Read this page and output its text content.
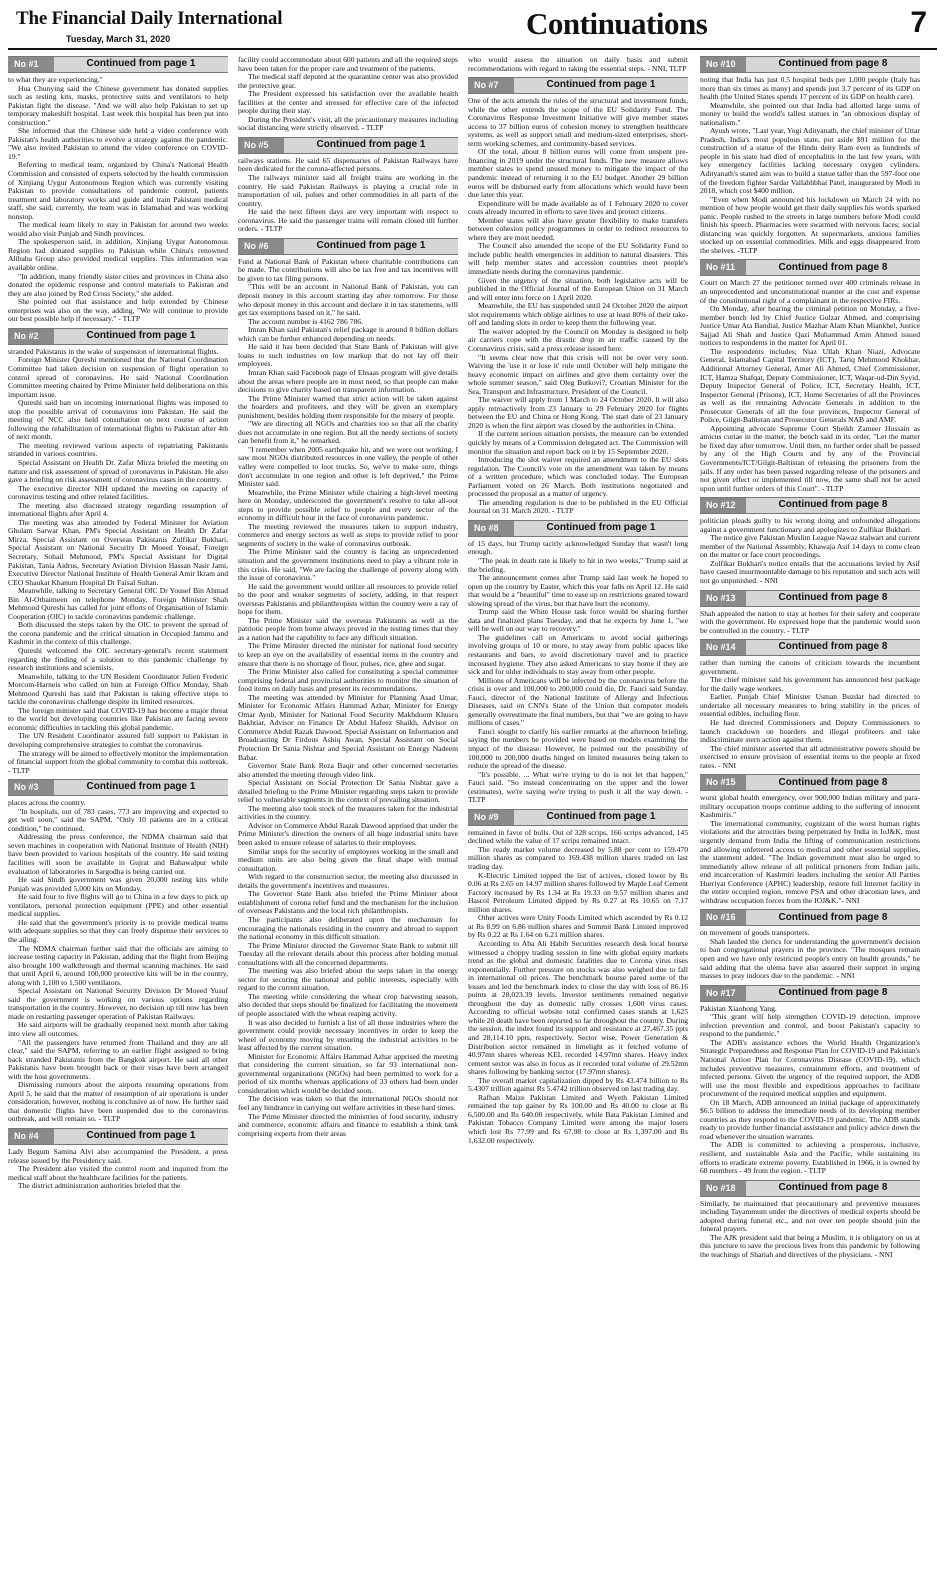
The Financial Daily International
Tuesday, March 31, 2020	Continuations	7
No #1	Continued from page 1

to what they are experiencing."

Hua Chunying said the Chinese government has donated supplies such as testing kits, masks, protective suits and ventilators to help Pakistan fight the disease. "And we will also help Pakistan to set up temporary makeshift hospital. Last week this hospital has been put into construction."

She informed that the Chinese side held a video conference with Pakistan's health authorities to evolve a strategy against the pandemic. "We also invited Pakistan to attend the video conference on COVID-19."

Referring to medical team, organized by China's National Health Commission and consisted of experts selected by the health commission of Xinjiang Uygur Autonomous Region which was currently visiting Pakistan to provide consultations of pandemic control, patients treatment and laboratory works and guide and train Pakistani medical staff, she said, currently, the team was in Islamabad and was working nonstop.

The medical team likely to stay in Pakistan for around two weeks would also visit Punjab and Sindh provinces.

The spokesperson said, in addition, Xinjiang Uygur Autonomous Region had donated supplies to Pakistan while China's renowned Alibaba Group also provided medical supplies. This information was available online.

"In addition, many friendly sister cities and provinces in China also donated the epidemic response and control materials to Pakistan and they are also joined by Red Cross Society," she added.

She pointed out that assistance and help extended by Chinese enterprises was also on the way, adding, "We will continue to provide our best possible help if necessary." - TLTP

No #2	Continued from page 1

stranded Pakistanis in the wake of suspension of international flights.

Foreign Minister Qureshi mentioned that the National Coordination Committee had taken decision on suspension of flight operation to control spread of coronavirus. He said National Coordination Committee meeting chaired by Prime Minister held deliberations on this important issue.

Qureshi said ban on incoming international flights was imposed to stop the possible arrival of coronavirus into Pakistan. He said the meeting of NCC also held consultation on next course of action following the rehabilitation of international flights to Pakistan after 4th of next month.

The meeting reviewed various aspects of repatriating Pakistanis stranded in various countries.

Special Assistant on Health Dr. Zafar Mirza briefed the meeting on nature and risk assessment of spread of coronavirus in Pakistan. He also gave a briefing on risk assessment of coronavirus cases in the country.

The executive director NIH updated the meeting on capacity of coronavirus testing and other related facilities.

The meeting also discussed strategy regarding resumption of international flights after April 4.

The meeting was also attended by Federal Minister for Aviation Ghulam Sarwar Khan, PM's Special Assistant on Health Dr Zafar Mirza, Special Assistant on Overseas Pakistanis Zulfikar Bukhari, Special Assistant on National Security Dr Moeed Yousaf, Foreign Secretary, Sohail Mehmood, PM's Special Assistant for Digital Pakistan, Tania Aidrus, Secretary Aviation Division Hassan Nasir Jami, Executive Director National Institute of Health General Amir Ikram and CEO Shaukat Khanum Hospital Dr Faisal Sultan.

Meanwhile, talking to Secretary General OIC Dr Yousef Bin Ahmad Bin Al-Othaimeen on telephone Monday, Foreign Minister Shah Mehmood Qureshi has called for joint efforts of Organisation of Islamic Cooperation (OIC) to tackle coronavirus pandemic challenge.

Both discussed the steps taken by the OIC to prevent the spread of the corona pandemic and the critical situation in Occupied Jammu and Kashmir in the context of this challenge.

Qureshi welcomed the OIC secretary-general's recent statement regarding the finding of a solution to this pandemic challenge by research institutions and scientists.

Meanwhile, talking to the UN Resident Coordinator Julien Frederic Morcom-Harneis who called on him at Foreign Office Monday, Shah Mehmood Qureshi has said that Pakistan is taking effective steps to tackle the coronavirus challenge despite its limited resources.

The foreign minister said that COVID-19 has become a major threat to the world but developing countries like Pakistan are facing severe economic difficulties in tackling this global pandemic.

The UN Resident Coordinator assured full support to Pakistan in developing comprehensive strategies to combat the coronavirus.

The strategy will be aimed to effectively monitor the implementation of financial support from the global community to combat this outbreak. - TLTP

No #3	Continued from page 1

places across the country.

"In hospitals, out of 783 cases, 773 are improving and expected to get well soon," said the SAPM. "Only 10 patients are in a critical condition," he continued.

Addressing the press conference, the NDMA chairman said that seven machines in cooperation with National Institute of Health (NIH) have been provided to various hospitals of the country. He said testing facilities will soon be available in Gujrat and Bahawalpur while evaluation of laboratories in Sargodha is being carried out.

He said Sindh government was given 20,000 testing kits while Punjab was provided 5,000 kits on Monday.

He said four to five flights will go to China in a few days to pick up ventilators, personal protection equipment (PPE) and other essential medical supplies.

He said that the government's priority is to provide medical teams with adequate supplies so that they can freely dispense their services to the ailing.

The NDMA chairman further said that the officials are aiming to increase testing capacity in Pakistan, adding that the flight from Beijing also brought 100 walkthrough and thermal scanning machines. He said that until April 6, around 100,000 protective kits will be in the country, along with 1,100 to 1,500 ventilators.

Special Assistant on National Security Division Dr Moeed Yusuf said the government is working on various options regarding transportation in the country. However, no decision up till now has been made on restarting passenger operation of Pakistan Railways.

He said airports will be gradually reopened next month after taking into view all outcomes.

"All the passengers have returned from Thailand and they are all clear," said the SAPM, referring to an earlier flight assigned to bring back stranded Pakistanis from the Bangkok airport. He said all other Pakistanis have been brought back or their visas have been arranged with the host governments.

Dismissing rumours about the airports resuming operations from April 5, he said that the matter of resumption of air operations is under consideration, however, nothing is conclusive as of now. He further said that domestic flights have been suspended due to the coronavirus outbreak, and will remain so. - TLTP

No #4	Continued from page 1

Lady Begum Samina Alvi also accompanied the President, a press release issued by the Presidency said.

The President also visited the control room and inquired from the medical staff about the healthcare facilities for the patients.

The district administration authorities briefed that the

facility could accommodate about 600 patients and all the required steps have been taken for the proper care and treatment of the patients.

The medical staff deputed at the quarantine center was also provided the protective gear.

The President expressed his satisfaction over the available health facilities at the center and stressed for effective care of the infected people during their stay.

During the President's visit, all the precautionary measures including social distancing were strictly observed. - TLTP

No #5	Continued from page 1

railways stations. He said 65 dispensaries of Pakistan Railways have been dedicated for the corona-affected persons.

The railways minister said all freight trains are working in the country. He said Pakistan Railways is playing a crucial role in transportation of oil, pulses and other commodities in all parts of the country.

He said the next fifteen days are very important with respect to coronavirus. He said the passenger trains will remain closed till further orders. - TLTP

No #6	Continued from page 1

Fund at National Bank of Pakistan where charitable contributions can be made. The contributions will also be tax free and tax incentives will be given to tax filing persons.

"This will be an account in National Bank of Pakistan, you can deposit money in this account starting day after tomorrow. For those who deposit money in this account and declare it in tax statements, will get tax exemptions based on it," he said.

The account number is 4162 786 786.

Imran Khan said Pakistan's relief package is around 8 billion dollars which can be further enhanced depending on needs.

He said it has been decided that State Bank of Pakistan will give loans to such industries on low markup that do not lay off their employees.

Imran Khan said Facebook page of Ehsaas program will give details about the areas where people are in most need, so that people can make decisions to give charity based on transparent information.

The Prime Minister warned that strict action will be taken against the hoarders and profiteers, and they will be given an exemplary punishment, besides holding them responsible for the misery of people.

"We are directing all NGOs and charities too so that all the charity does not accumulate in one region. But all the needy sections of society can benefit from it," he remarked.

"I remember when 2005 earthquake hit, and we were out working, I saw most NGOs distributed resources in one valley, the people of other valley were compelled to loot trucks. So, we've to make sure, things don't accumulate in one region and other is left deprived," the Prime Minister said.

Meanwhile, the Prime Minister while chairing a high-level meeting here on Monday, underscored the government's resolve to take all-out steps to provide possible relief to people and every sector of the economy in difficult hour in the face of coronavirus pandemic.

The meeting reviewed the measures taken to support industry, commerce and energy sectors as well as steps to provide relief to poor segments of society in the wake of coronavirus outbreak.

The Prime Minister said the country is facing an unprecedented situation and the government institutions need to play a vibrant role in this crisis. He said, "We are facing the challenge of poverty along with the issue of coronavirus."

He said the government would utilize all resources to provide relief to the poor and weaker segments of society, adding, in that respect overseas Pakistanis and philanthropists within the country were a ray of hope for them.

The Prime Minister said the overseas Pakistanis as well as the patriotic people from home always proved in the testing times that they as a nation had the capability to face any difficult situation.

The Prime Minister directed the minister for national food security to keep an eye on the availability of essential items in the country and ensure that there is no shortage of flour, pulses, rice, ghee and sugar.

The Prime Minister also called for constituting a special committee comprising federal and provincial authorities to monitor the situation of food items on daily basis and present its recommendations.

The meeting was attended by Minister for Planning Asad Umar, Minister for Economic Affairs Hammad Azhar, Minister for Energy Omar Ayub, Minister for National Food Security Makhdoom Khusru Bakhtiar, Advisor on Finance Dr Abdul Hafeez Shaikh, Advisor on Commerce Abdul Razak Dawood, Special Assistant on Information and Broadcasting Dr Firdous Ashiq Awan, Special Assistant on Social Protection Dr Sania Nishtar and Special Assistant on Energy Nadeem Babar.

Governor State Bank Reza Baqir and other concerned secretaries also attended the meeting through video link.

Special Assistant on Social Protection Dr Sania Nishtar gave a detailed briefing to the Prime Minister regarding steps taken to provide relief to vulnerable segments in the context of prevailing situation.

The meeting also took stock of the measures taken for the industrial activities in the country.

Advisor on Commerce Abdul Razak Dawood apprised that under the Prime Minister's direction the owners of all huge industrial units have been asked to ensure release of salaries to their employees.

Similar steps for the security of employees working in the small and medium units are also being given the final shape with mutual consultation.

With regard to the construction sector, the meeting also discussed in details the government's incentives and measures.

The Governor State Bank also briefed the Prime Minister about establishment of corona relief fund and the mechanism for the inclusion of overseas Pakistanis and the local rich philanthropists.

The participants also deliberated upon the mechanism for encouraging the nationals residing in the country and abroad to support the national economy in this difficult situation.

The Prime Minister directed the Governor State Bank to submit till Tuesday all the relevant details about this process after holding mutual consultations with all the concerned departments.

The meeting was also briefed about the steps taken in the energy sector for securing the national and public interests, especially with regard to the current situation.

The meeting while considering the wheat crop harvesting season, also decided that steps should be finalized for facilitating the movement of people associated with the wheat reaping activity.

It was also decided to furnish a list of all those industries where the government could provide necessary incentives in order to keep the wheel of economy moving by ensuring the industrial activities to be least affected by the current situation.

Minister for Economic Affairs Hammad Azhar apprised the meeting that considering the current situation, so far 93 international non-governmental organizations (NGOs) had been permitted to work for a period of six months whereas applications of 33 others had been under consideration which would be decided soon.

The decision was taken so that the international NGOs should not feel any hindrance in carrying out welfare activities in these hard times.

The Prime Minister directed the ministries of food security, industry and commerce, economic affairs and finance to establish a think tank comprising experts from their areas

who would assess the situation on daily basis and submit recommendations with regard to taking the essential steps. - NNI, TLTP

No #7	Continued from page 1

One of the acts amends the rules of the structural and investment funds, while the other extends the scope of the EU Solidarity Fund. The Coronavirus Response Investment Initiative will give member states access to 37 billion euros of cohesion money to strengthen healthcare systems, as well as support small and medium-sized enterprises, short-term working schemes, and community-based services.

Of the total, about 8 billion euros will come from unspent pre-financing in 2019 under the structural funds. The new measure allows member states to spend unused money to mitigate the impact of the pandemic instead of returning it to the EU budget. Another 29 billion euros will be disbursed early from allocations which would have been due later this year.

Expenditure will be made available as of 1 February 2020 to cover costs already incurred in efforts to save lives and protect citizens.

Member states will also have greater flexibility to make transfers between cohesion policy programmes in order to redirect resources to where they are most needed.

The Council also amended the scope of the EU Solidarity Fund to include public health emergencies in addition to natural disasters. This will help member states and accession countries meet people's immediate needs during the coronavirus pandemic.

Given the urgency of the situation, both legislative acts will be published in the Official Journal of the European Union on 31 March and will enter into force on 1 April 2020.

Meanwhile, the EU has suspended until 24 October 2020 the airport slot requirements which oblige airlines to use at least 80% of their take-off and landing slots in order to keep them the following year.

The waiver adopted by the Council on Monday is designed to help air carriers cope with the drastic drop in air traffic caused by the Coronavirus crisis, said a press release issued here.

"It seems clear now that this crisis will not be over very soon. Waiving the 'use it or lose it' rule until October will help mitigate the heavy economic impact on airlines and give them certainty over the whole summer season," said Oleg Butkovi?, Croatian Minister for the Sea, Transport and Infrastructure, President of the Council.

The waiver will apply from 1 March to 24 October 2020. It will also apply retroactively from 23 January to 29 February 2020 for flights between the EU and China or Hong Kong. The start date of 23 January 2020 is when the first airport was closed by the authorities in China.

If the current serious situation persists, the measure can be extended quickly by means of a Commission delegated act. The Commission will monitor the situation and report back on it by 15 September 2020.

Introducing the slot waiver required an amendment to the EU slots regulation. The Council's vote on the amendment was taken by means of a written procedure, which was concluded today. The European Parliament voted on 26 March. Both institutions negotiated and processed the proposal as a matter of urgency.

The amending regulation is due to be published in the EU Official Journal on 31 March 2020. - TLTP

No #8	Continued from page 1

of 15 days, but Trump tacitly acknowledged Sunday that wasn't long enough.

"The peak in death rate is likely to hit in two weeks," Trump said at the briefing.

The announcement comes after Trump said last week he hoped to open up the country by Easter, which this year falls on April 12. He said that would be a "beautiful" time to ease up on restrictions geared toward slowing spread of the virus, but that have hurt the economy.

Trump said the White House task force would be sharing further data and finalized plans Tuesday, and that he expects by June 1, "we will be well on our way to recovery."

The guidelines call on Americans to avoid social gatherings involving groups of 10 or more, to stay away from public spaces like restaurants and bars, to avoid discretionary travel and to practice increased hygiene. They also asked Americans to stay home if they are sick and for older individuals to stay away from other people.

Millions of Americans will be infected by the coronavirus before the crisis is over and 100,000 to 200,000 could die, Dr. Fauci said Sunday. Fauci, director of the National Institute of Allergy and Infectious Diseases, said on CNN's State of the Union that computer models generally overestimate the final numbers, but that "we are going to have millions of cases."

Fauci sought to clarify his earlier remarks at the afternoon briefing, saying the numbers he provided were based on models examining the impact of the disease. However, he pointed out the possibility of 100,000 to 200,000 deaths hinged on limited measures being taken to reduce the spread of the disease.

"It's possible. ... What we're trying to do is not let that happen," Fauci said. "So instead concentrating on the upper and the lower (estimates), we're saying we're trying to push it all the way down. -TLTP

No #9	Continued from page 1

remained in favor of bulls. Out of 328 scrips, 166 scrips advanced, 145 declined while the value of 17 scrips remained intact.

The ready market volume decreased by 5.88 per cent to 159.470 million shares as compared to 169.438 million shares traded on last trading day.

K-Electric Limited topped the list of actives, closed lower by Rs 0.06 at Rs 2.65 on 14.97 million shares followed by Maple Leaf Cement Factory increased by Rs 1.34 at Rs 19.33 on 9.57 million shares and Hascol Petroleum Limited dipped by Rs 0.27 at Rs 10.65 on 7.17 million shares.

Other actives were Unity Foods Limited which ascended by Rs 0.12 at Rs 8.99 on 6.86 million shares and Summit Bank Limited improved by Rs 0.22 at Rs 1.64 on 6.21 million shares.

According to Aba Ali Habib Securities research desk local bourse witnessed a choppy trading session in line with global equity markets trend as the global and domestic fatalities due to Corona virus rises exponentially. Further pressure on stocks was also weighed due to fall in international oil prices. The benchmark bourse pared some of the losses and led the benchmark index to close the day with loss of 86.16 points at 28,023.39 levels. Investor sentiments remained negative throughout the day as domestic tally crosses 1,600 virus cases. According to official website total confirmed cases stands at 1,625 while 20 death have been reported so far throughout the country. During the session, the index found its support and resistance at 27,467.35 ppts and 28,114.10 ppts, respectively. Sector wise, Power Generation & Distribution sector remained in limelight as it fetched volume of 40.97mn shares whereas KEL recorded 14.97mn shares. Heavy index cement sector was also in focus as it recorded total volume of 29.52mn shares following by banking sector (17.97mn shares).

The overall market capitalization dipped by Rs 43.474 billion to Rs 5.4307 trillion against Rs 5.4742 trillion observed on last trading day.

Rafhan Maize Pakistan Limited and Wyeth Pakistan Limited remained the top gainer by Rs 100.00 and Rs 40.00 to close at Rs 6,500.00 and Rs 640.00 respectively, while Bata Pakistan Limited and Pakistan Tobacco Company Limited were among the major losers which lost Rs 77.99 and Rs 67.98 to close at Rs 1,397.00 and Rs 1,632.00 respectively.

No #10	Continued from page 8

noting that India has just 0.5 hospital beds per 1,000 people (Italy has more than six times as many) and spends just 3.7 percent of its GDP on health (the United States spends 17 percent of its GDP on health care).

Meanwhile, she pointed out that India had allotted large sums of money to build the world's tallest statues in "an obnoxious display of nationalism."

Ayush wrote, "Last year, Yogi Adityanath, the chief minister of Uttar Pradesh, India's most populous state, put aside $91 million for the construction of a statue of the Hindu deity Ram even as hundreds of people in his state had died of encephalitis in the last few years, with key emergency facilities lacking necessary oxygen cylinders. Adityanath's stated aim was to build a statue taller than the 597-foot one of the freedom fighter Sardar Vallabhbhai Patel, inaugurated by Modi in 2018, which cost $400 million.

"Even when Modi announced his lockdown on March 24 with no mention of how people would get their daily supplies his words sparked panic. People rushed to the streets in large numbers before Modi could finish his speech. Pharmacies were swarmed with nervous faces; social distancing was quickly forgotten. At supermarkets, anxious families stocked up on essential commodities. Milk and eggs disappeared from the shelves. -TLTP

No #11	Continued from page 8

Court on March 27 the petitioner termed over 400 criminals release in an unprecedented and unconstitutional manner at the cost and expense of the constitutional right of a complainant in the respective FIRs.

On Monday, after hearing the criminal petition on Monday, a five-member bench led by Chief Justice Gulzar Ahmed, and comprising Justice Umar Ata Bandial, Justice Mazhar Alam Khan Miankhel, Justice Sajjad Ali Shah and Justice Qazi Muhammad Amin Ahmed issued notices to respondents in the matter for April 01.

The respondents includes; Niaz Ullah Khan Niazi, Advocate General, Islamabad Capital Territory (ICT), Tariq Mehmood Khokhar, Additional Attorney General, Amer Ali Ahmed, Chief Commissioner, ICT, Hamza Shafqat, Deputy Commissioner, ICT, Waqar-ud-Din Syyid, Deputy Inspector General of Police, ICT, Secretary Health, ICT, Inspector General (Prisons), ICT, Home Secretaries of all the Provinces as well as the remaining Advocate Generals in addition to the Prosecutor Generals of all the four provinces, Inspector General of Police, Gilgit-Baltistan and Prosecutor Generals NAB and AMF.

Appointing advocate Supreme Court Sheikh Zameer Hussain as amicus curiae in the matter, the bench said in its order, "Let the matter be fixed day after tomorrow. Until then, no further order shall be passed by any of the High Courts and by any of the Provincial Governments/ICT/Gilgit-Baltistan of releasing the prisoners from the jails. If any order has been passed regarding release of the prisoners and not given effect or implemented till now, the same shall not be acted upon until further orders of this Court". - TLTP

No #12	Continued from page 8

politician pleads guilty to his wrong doing and unfounded allegations against a government functionary and apologizes to Zulfikar Bukhari.

The notice give Pakistan Muslim League Nawaz stalwart and current member of the National Assembly, Khawaja Asif 14 days to come clean on the matter or face court proceedings.

Zulfikar Bukhari's notice entails that the accusations levied by Asif have caused insurmountable damage to his reputation and such acts will not go unpunished. - NNI

No #13	Continued from page 8

Shah appealed the nation to stay at homes for their safety and cooperate with the government. He expressed hope that the pandemic would soon be controlled in the country. - TLTP

No #14	Continued from page 8

rather than turning the canons of criticism towards the incumbent government.

The chief minister said his government has announced best package for the daily wage workers.

Earlier, Punjab Chief Minister Usman Buzdar had directed to undertake all necessary measures to bring stability in the prices of essential edibles, including flour.

He had directed Commissioners and Deputy Commissioners to launch crackdown on hoarders and illegal profiteers and take indiscriminate stern action against them.

The chief minister asserted that all administrative powers should be exercised to ensure provision of essential items to the people at fixed rates. - NNI

No #15	Continued from page 8

worst global health emergency, over 900,000 Indian military and para-military occupation troops continue adding to the suffering of innocent Kashmiris."

The international community, cognizant of the worst human rights violations and the atrocities being perpetrated by India in IoJ&K, must urgently demand from India the lifting of communication restrictions and allowing unfettered access to medical and other essential supplies, the statement added. "The Indian government must also be urged to immediately allow release of all political prisoners from Indian jails, end incarceration of Kashmiri leaders including the senior All Parties Hurriyat Conference (APHC) leadership, restore full Internet facility in the entire occupied region, remove PSA and other draconian laws, and withdraw occupation forces from the IOJ&K."- NNI

No #16	Continued from page 8

on movement of goods transporters.

Shah lauded the clerics for understanding the government's decision to ban congregational prayers in the province. "The mosques remain open and we have only restricted people's entry on health grounds," he said adding that the ulema have also assured their support in urging masses to pray indoors due to the pandemic. - NNI

No #17	Continued from page 8

Pakistan Xiaohong Yang.

"This grant will help strengthen COVID-19 detection, improve infection prevention and control, and boost Pakistan's capacity to respond to the pandemic."

The ADB's assistance echoes the World Health Organization's Strategic Preparedness and Response Plan for COVID-19 and Pakistan's National Action Plan for Coronavirus Disease (COVID-19), which includes preventive measures, containment efforts, and treatment of infected persons. Given the urgency of the required support, the ADB will use the most flexible and expeditious approaches to facilitate procurement of the required medical supplies and equipment.

On 18 March, ADB announced an initial package of approximately $6.5 billion to address the immediate needs of its developing member countries as they respond to the COVID-19 pandemic. The ADB stands ready to provide further financial assistance and policy advice down the road whenever the situation warrants.

The ADB is committed to achieving a prosperous, inclusive, resilient, and sustainable Asia and the Pacific, while sustaining its efforts to eradicate extreme poverty. Established in 1966, it is owned by 68 members - 49 from the region. - TLTP

No #18	Continued from page 8

Similarly, he maintained that precautionary and preventive measures including Tayammum under the directives of medical experts should be adopted during funeral etc., and not over ten people should join the funeral prayers.

The AJK president said that being a Muslim, it is obligatory on us at this juncture to save the precious lives from this pandemic by following the teachings of Shariah and directives of the physicians. - NNI
